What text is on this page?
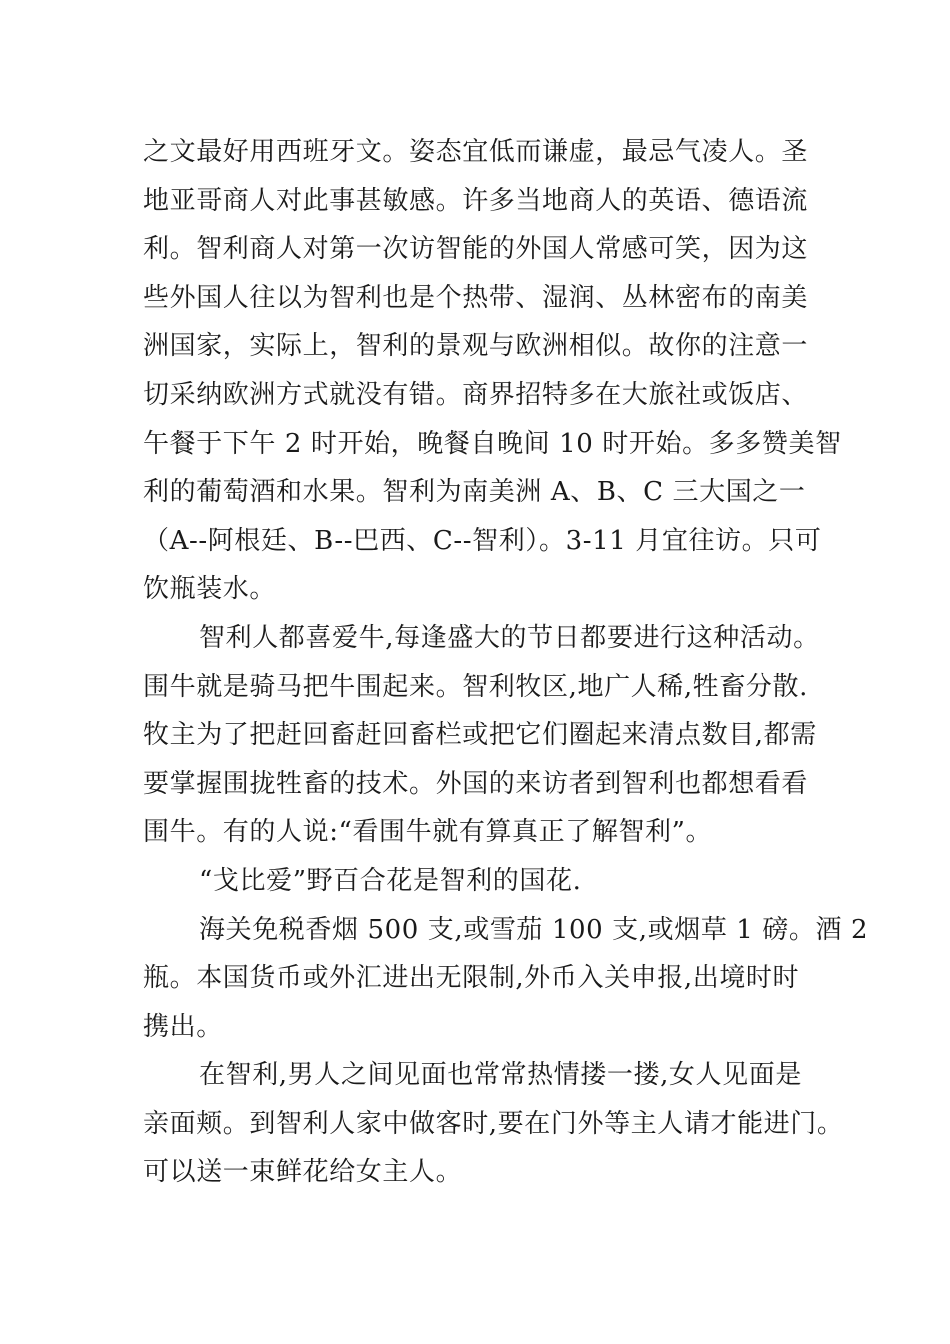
之文最好用西班牙文。姿态宜低而谦虚，最忌气凌人。圣
地亚哥商人对此事甚敏感。许多当地商人的英语、德语流
利。智利商人对第一次访智能的外国人常感可笑，因为这
些外国人往以为智利也是个热带、湿润、丛林密布的南美
洲国家，实际上，智利的景观与欧洲相似。故你的注意一
切采纳欧洲方式就没有错。商界招特多在大旅社或饭店、
午餐于下午 2 时开始，晚餐自晚间 10 时开始。多多赞美智
利的葡萄酒和水果。智利为南美洲 A、B、C 三大国之一
（A--阿根廷、B--巴西、C--智利）。3-11 月宜往访。只可
饮瓶装水。
智利人都喜爱牛,每逢盛大的节日都要进行这种活动。
围牛就是骑马把牛围起来。智利牧区,地广人稀,牲畜分散.
牧主为了把赶回畜赶回畜栏或把它们圈起来清点数目,都需
要掌握围拢牲畜的技术。外国的来访者到智利也都想看看
围牛。有的人说:“看围牛就有算真正了解智利”。
“戈比爱”野百合花是智利的国花.
海关免税香烟 500 支,或雪茄 100 支,或烟草 1 磅。酒 2
瓶。本国货币或外汇进出无限制,外币入关申报,出境时时
携出。
在智利,男人之间见面也常常热情搂一搂,女人见面是
亲面颊。到智利人家中做客时,要在门外等主人请才能进门。
可以送一束鲜花给女主人。
